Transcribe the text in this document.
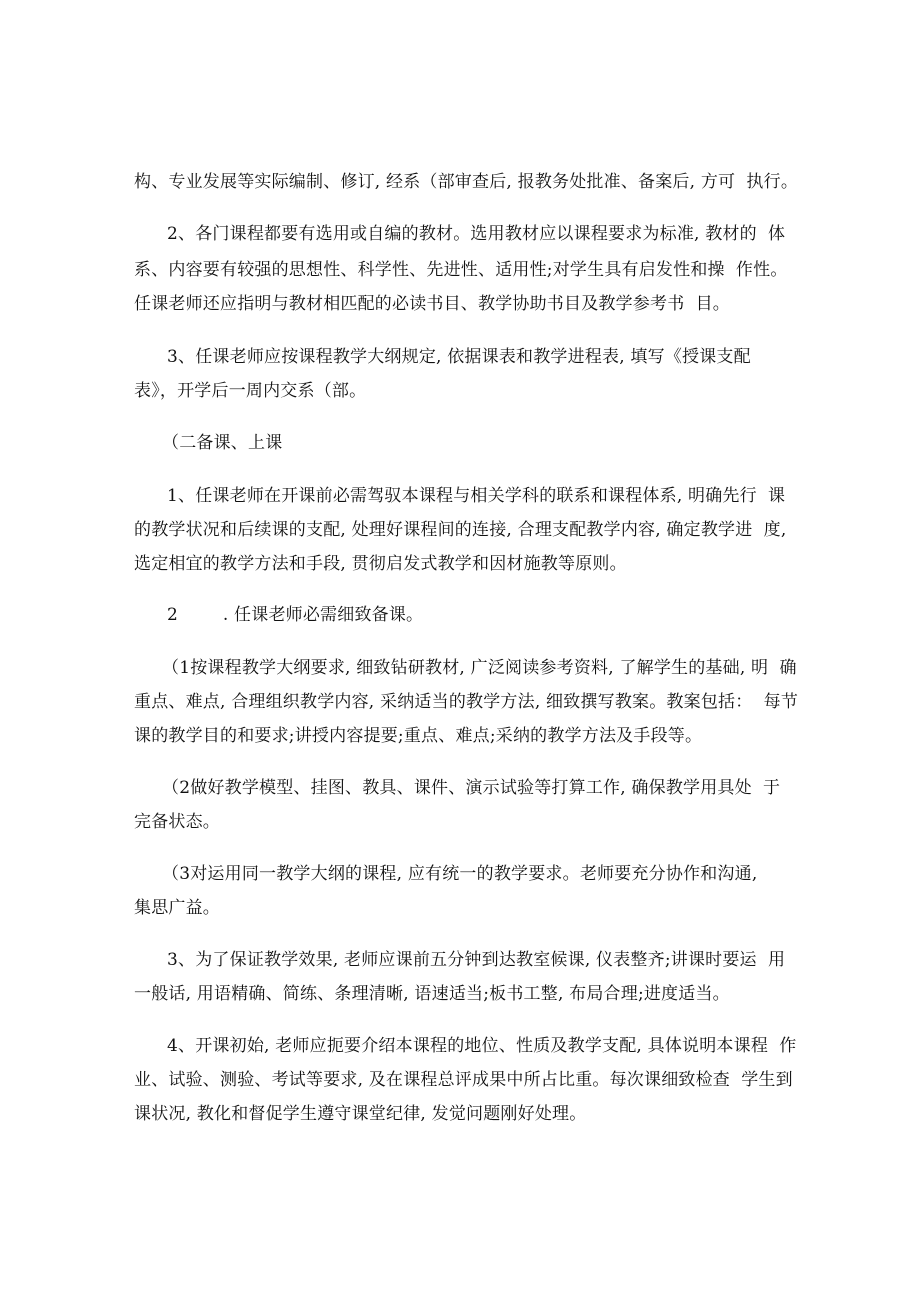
构、专业发展等实际编制、修订, 经系（部审查后, 报教务处批准、备案后, 方可  执行。
2、各门课程都要有选用或自编的教材。选用教材应以课程要求为标准, 教材的  体
系、内容要有较强的思想性、科学性、先进性、适用性;对学生具有启发性和操  作性。
任课老师还应指明与教材相匹配的必读书目、教学协助书目及教学参考书  目。
3、任课老师应按课程教学大纲规定, 依据课表和教学进程表, 填写《授课支配
表》，开学后一周内交系（部。
（二备课、上课
1、任课老师在开课前必需驾驭本课程与相关学科的联系和课程体系, 明确先行  课
的教学状况和后续课的支配, 处理好课程间的连接, 合理支配教学内容, 确定教学进  度,
选定相宜的教学方法和手段, 贯彻启发式教学和因材施教等原则。
2        . 任课老师必需细致备课。
（1按课程教学大纲要求, 细致钻研教材, 广泛阅读参考资料, 了解学生的基础, 明  确
重点、难点, 合理组织教学内容, 采纳适当的教学方法, 细致撰写教案。教案包括：  每节
课的教学目的和要求;讲授内容提要;重点、难点;采纳的教学方法及手段等。
（2做好教学模型、挂图、教具、课件、演示试验等打算工作, 确保教学用具处  于
完备状态。
（3对运用同一教学大纲的课程, 应有统一的教学要求。老师要充分协作和沟通,
集思广益。
3、为了保证教学效果, 老师应课前五分钟到达教室候课, 仪表整齐;讲课时要运  用
一般话, 用语精确、简练、条理清晰, 语速适当;板书工整, 布局合理;进度适当。
4、开课初始, 老师应扼要介绍本课程的地位、性质及教学支配, 具体说明本课程  作
业、试验、测验、考试等要求, 及在课程总评成果中所占比重。每次课细致检查  学生到
课状况, 教化和督促学生遵守课堂纪律, 发觉问题刚好处理。
